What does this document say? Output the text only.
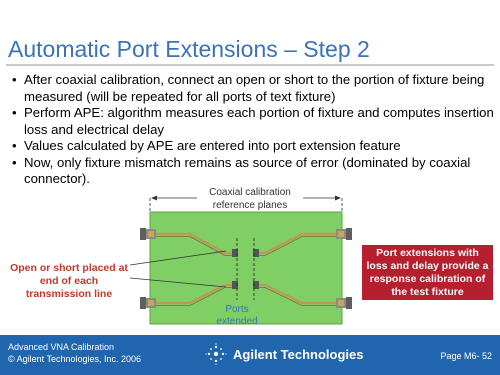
Automatic Port Extensions – Step 2
• After coaxial calibration, connect an open or short to the portion of fixture being measured (will be repeated for all ports of text fixture)
• Perform APE: algorithm measures each portion of fixture and computes insertion loss and electrical delay
• Values calculated by APE are entered into port extension feature
• Now, only fixture mismatch remains as source of error (dominated by coaxial connector).
Coaxial calibration reference planes
Ports extended
Open or short placed at end of each transmission line
Port extensions with loss and delay provide a response calibration of the test fixture
Advanced VNA Calibration
© Agilent Technologies, Inc. 2006	Agilent Technologies	Page M6- 52
